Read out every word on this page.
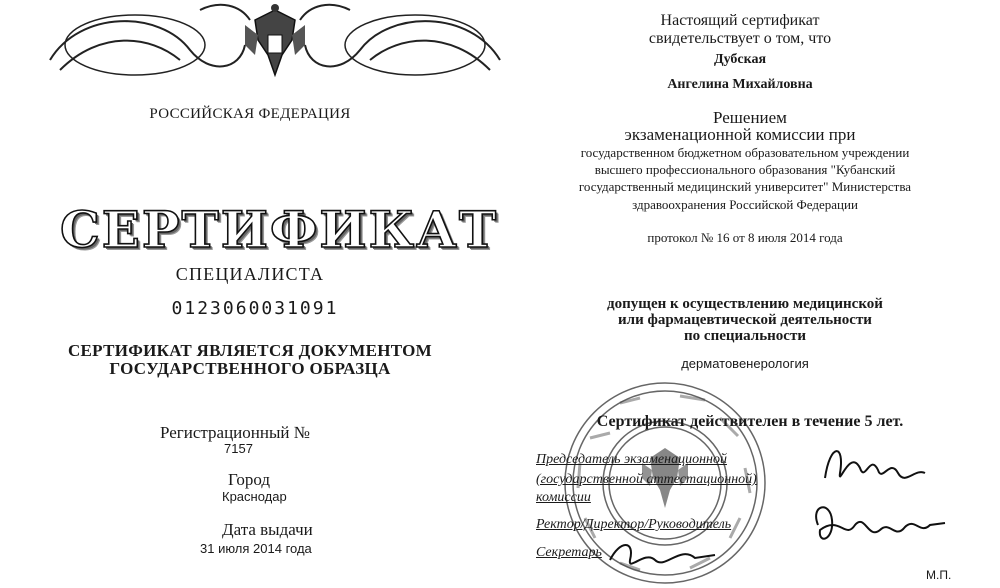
РОССИЙСКАЯ ФЕДЕРАЦИЯ
СЕРТИФИКАТ
СПЕЦИАЛИСТА
0123060031091
СЕРТИФИКАТ ЯВЛЯЕТСЯ ДОКУМЕНТОМ
ГОСУДАРСТВЕННОГО ОБРАЗЦА
Регистрационный №
7157
Город
Краснодар
Дата выдачи
31 июля 2014 года
Настоящий сертификат
свидетельствует о том, что
Дубская
Ангелина Михайловна
Решением
экзаменационной комиссии при
государственном бюджетном образовательном учреждении
высшего профессионального образования "Кубанский
государственный медицинский университет" Министерства
здравоохранения Российской Федерации
протокол № 16 от 8 июля 2014 года
допущен к осуществлению медицинской
или фармацевтической деятельности
по специальности
дерматовенерология
Сертификат действителен в течение 5 лет.
Председатель экзаменационной
(государственной аттестационной)
комиссии
Ректор/Директор/Руководитель
Секретарь
М.П.
